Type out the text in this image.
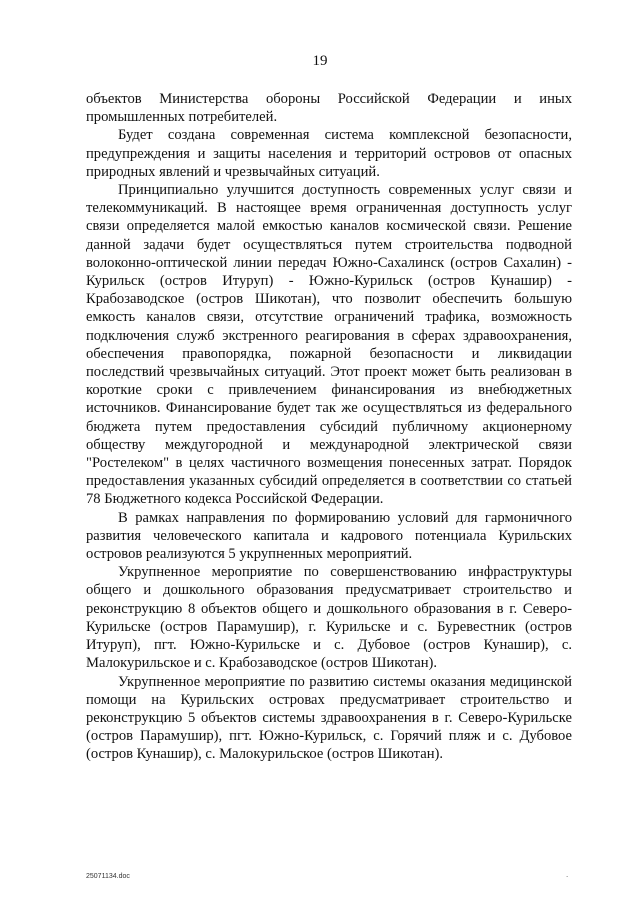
19

объектов Министерства обороны Российской Федерации и иных промышленных потребителей.

Будет создана современная система комплексной безопасности, предупреждения и защиты населения и территорий островов от опасных природных явлений и чрезвычайных ситуаций.

Принципиально улучшится доступность современных услуг связи и телекоммуникаций. В настоящее время ограниченная доступность услуг связи определяется малой емкостью каналов космической связи. Решение данной задачи будет осуществляться путем строительства подводной волоконно-оптической линии передач Южно-Сахалинск (остров Сахалин) - Курильск (остров Итуруп) - Южно-Курильск (остров Кунашир) - Крабозаводское (остров Шикотан), что позволит обеспечить большую емкость каналов связи, отсутствие ограничений трафика, возможность подключения служб экстренного реагирования в сферах здравоохранения, обеспечения правопорядка, пожарной безопасности и ликвидации последствий чрезвычайных ситуаций. Этот проект может быть реализован в короткие сроки с привлечением финансирования из внебюджетных источников. Финансирование будет так же осуществляться из федерального бюджета путем предоставления субсидий публичному акционерному обществу междугородной и международной электрической связи "Ростелеком" в целях частичного возмещения понесенных затрат. Порядок предоставления указанных субсидий определяется в соответствии со статьей 78 Бюджетного кодекса Российской Федерации.

В рамках направления по формированию условий для гармоничного развития человеческого капитала и кадрового потенциала Курильских островов реализуются 5 укрупненных мероприятий.

Укрупненное мероприятие по совершенствованию инфраструктуры общего и дошкольного образования предусматривает строительство и реконструкцию 8 объектов общего и дошкольного образования в г. Северо-Курильске (остров Парамушир), г. Курильске и с. Буревестник (остров Итуруп), пгт. Южно-Курильске и с. Дубовое (остров Кунашир), с. Малокурильское и с. Крабозаводское (остров Шикотан).

Укрупненное мероприятие по развитию системы оказания медицинской помощи на Курильских островах предусматривает строительство и реконструкцию 5 объектов системы здравоохранения в г. Северо-Курильске (остров Парамушир), пгт. Южно-Курильск, с. Горячий пляж и с. Дубовое (остров Кунашир), с. Малокурильское (остров Шикотан).

25071134.doc	.
